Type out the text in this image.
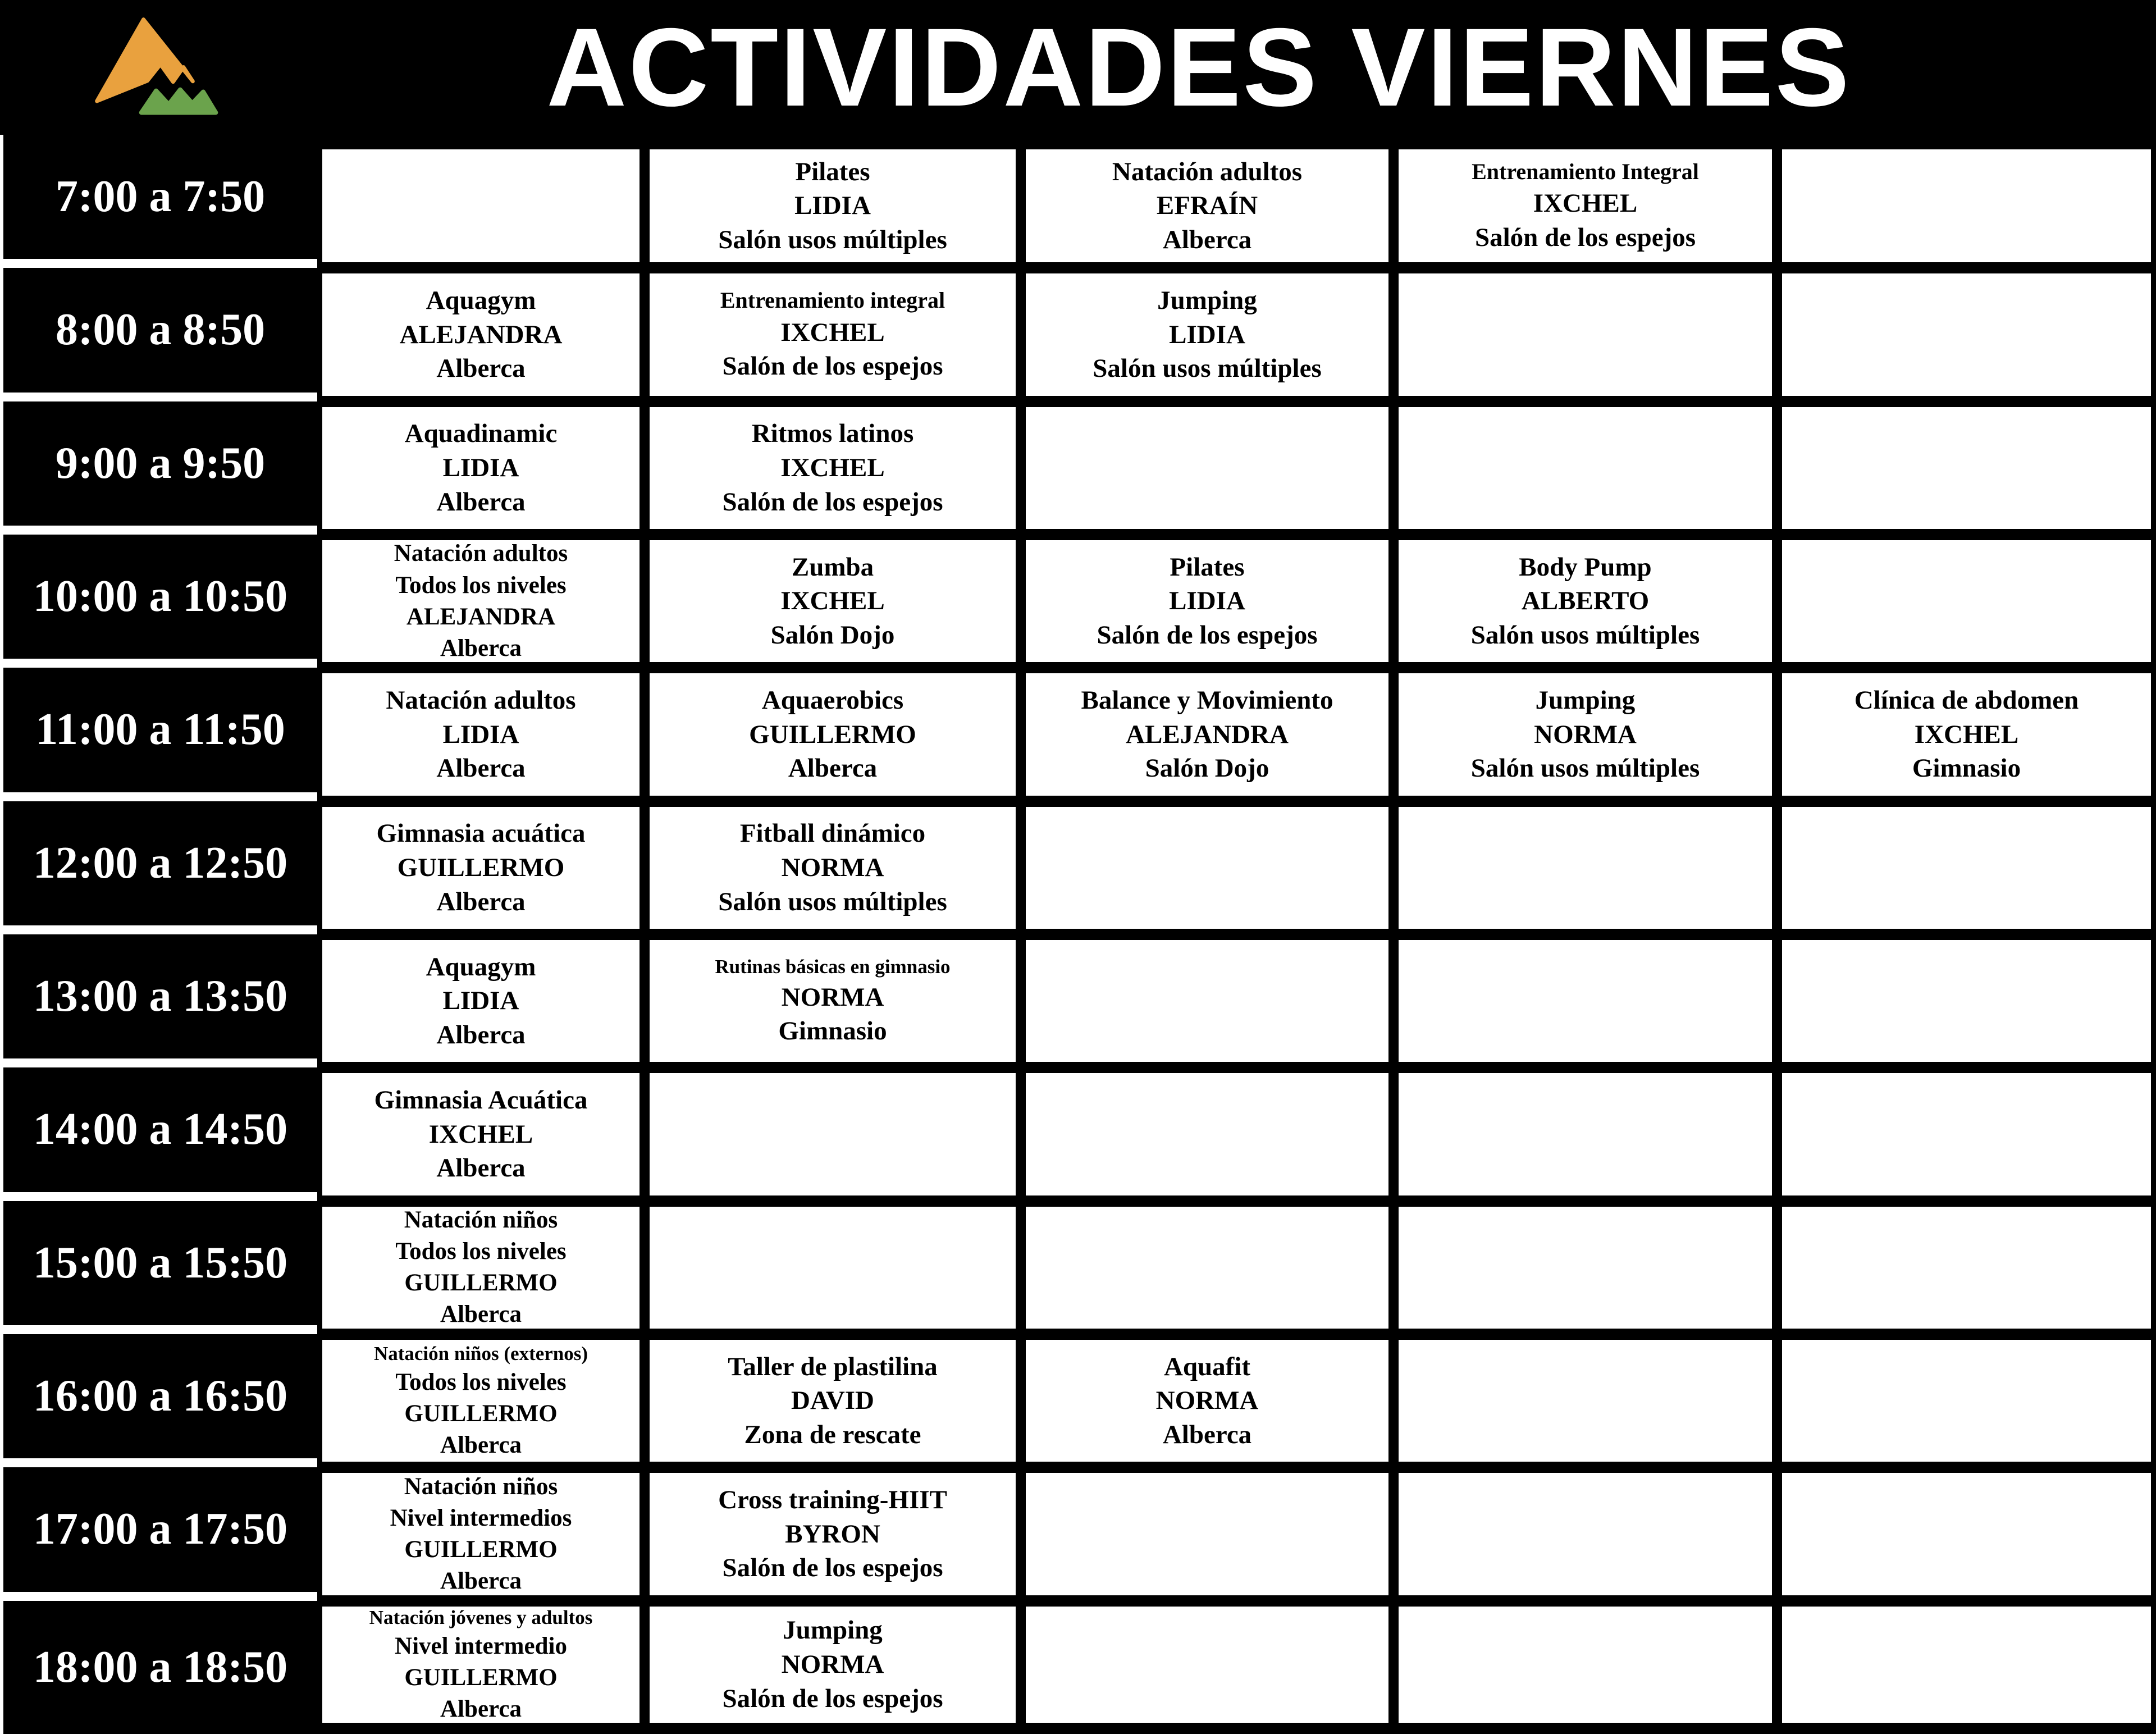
ACTIVIDADES VIERNES
7:00 a 7:50
Pilates
LIDIA
Salón usos múltiples
Natación adultos
EFRAÍN
Alberca
Entrenamiento Integral
IXCHEL
Salón de los espejos
8:00 a 8:50
Aquagym
ALEJANDRA
Alberca
Entrenamiento integral
IXCHEL
Salón de los espejos
Jumping
LIDIA
Salón usos múltiples
9:00 a 9:50
Aquadinamic
LIDIA
Alberca
Ritmos latinos
IXCHEL
Salón de los espejos
10:00 a 10:50
Natación adultos
Todos los niveles
ALEJANDRA
Alberca
Zumba
IXCHEL
Salón Dojo
Pilates
LIDIA
Salón de los espejos
Body Pump
ALBERTO
Salón usos múltiples
11:00 a 11:50
Natación adultos
LIDIA
Alberca
Aquaerobics
GUILLERMO
Alberca
Balance y Movimiento
ALEJANDRA
Salón Dojo
Jumping
NORMA
Salón usos múltiples
Clínica de abdomen
IXCHEL
Gimnasio
12:00 a 12:50
Gimnasia acuática
GUILLERMO
Alberca
Fitball dinámico
NORMA
Salón usos múltiples
13:00 a 13:50
Aquagym
LIDIA
Alberca
Rutinas básicas en gimnasio
NORMA
Gimnasio
14:00 a 14:50
Gimnasia Acuática
IXCHEL
Alberca
15:00 a 15:50
Natación niños
Todos los niveles
GUILLERMO
Alberca
16:00 a 16:50
Natación niños (externos)
Todos los niveles
GUILLERMO
Alberca
Taller de plastilina
DAVID
Zona de rescate
Aquafit
NORMA
Alberca
17:00 a 17:50
Natación niños
Nivel intermedios
GUILLERMO
Alberca
Cross training-HIIT
BYRON
Salón de los espejos
18:00 a 18:50
Natación jóvenes y adultos
Nivel intermedio
GUILLERMO
Alberca
Jumping
NORMA
Salón de los espejos
